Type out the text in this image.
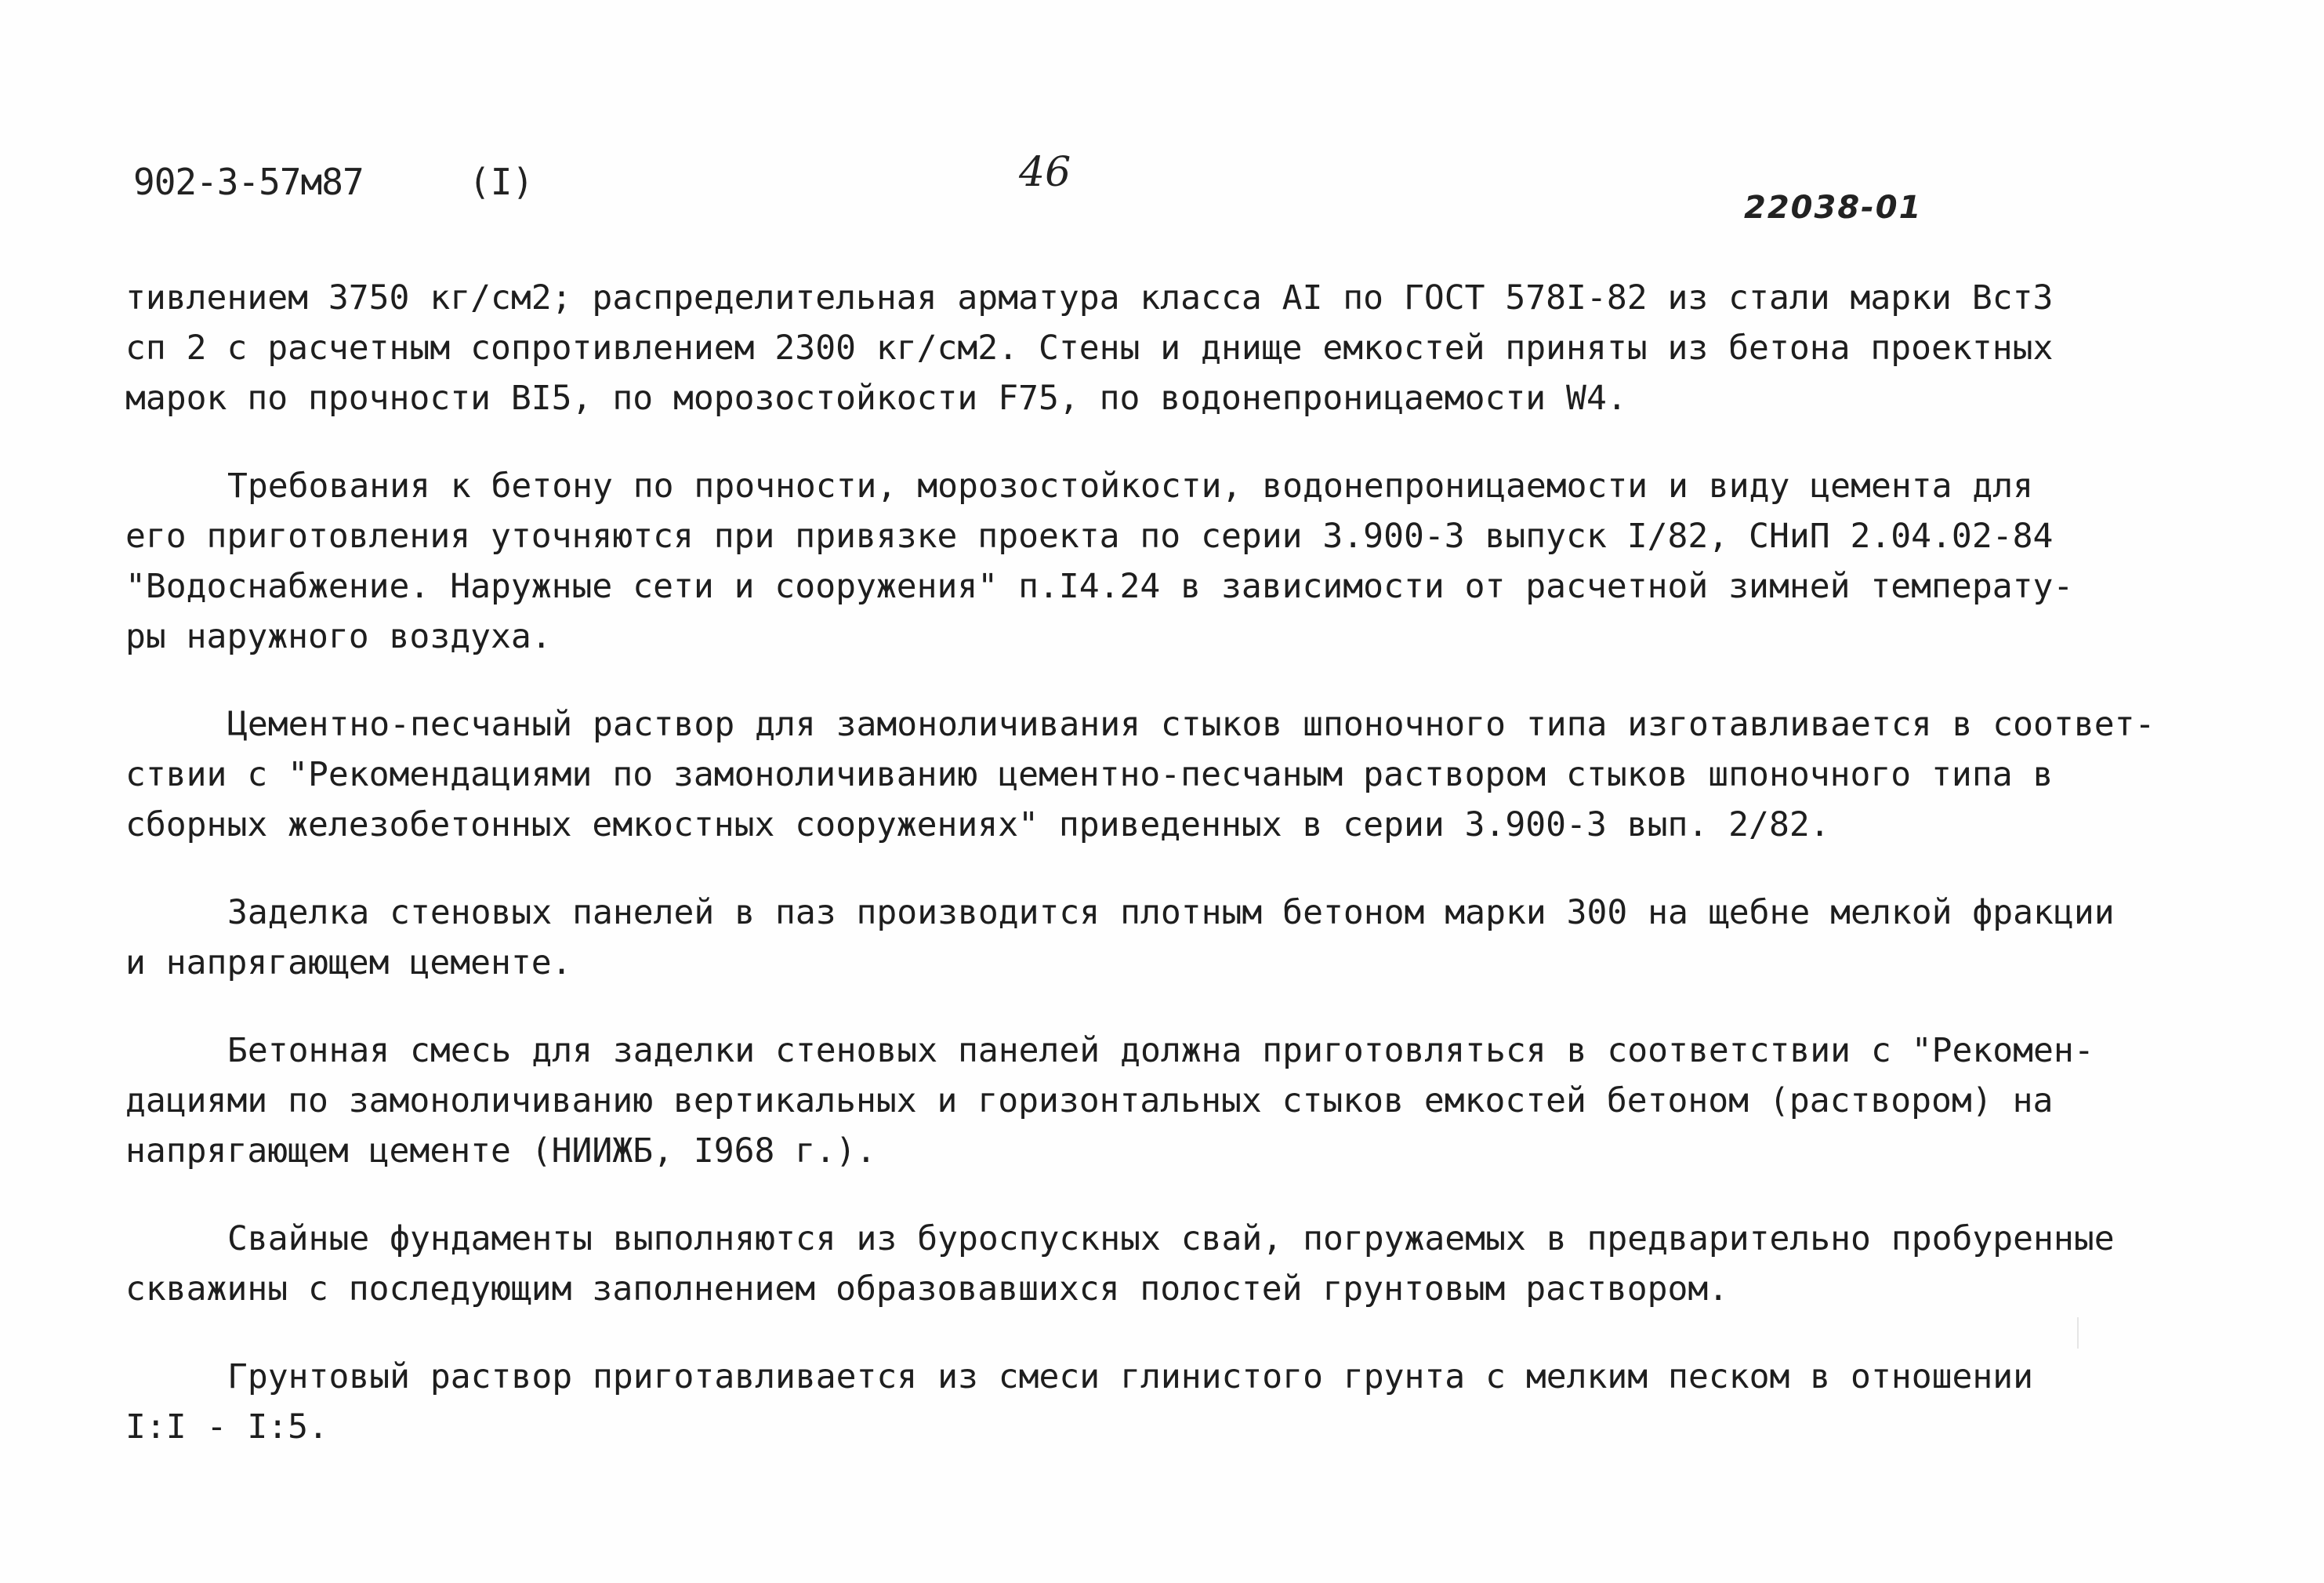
902-3-57м87	(I)	46
22038-01
тивлением 3750 кг/см2; распределительная арматура класса АI по ГОСТ 578I-82 из стали марки ВстЗ
сп 2 с расчетным сопротивлением 2300 кг/см2. Стены и днище емкостей приняты из бетона проектных
марок по прочности ВI5, по морозостойкости F75, по водонепроницаемости W4.
Требования к бетону по прочности, морозостойкости, водонепроницаемости и виду цемента для
его приготовления уточняются при привязке проекта по серии 3.900-3 выпуск I/82, СНиП 2.04.02-84
"Водоснабжение. Наружные сети и сооружения" п.I4.24 в зависимости от расчетной зимней температу-
ры наружного воздуха.
Цементно-песчаный раствор для замоноличивания стыков шпоночного типа изготавливается в соответ-
ствии с "Рекомендациями по замоноличиванию цементно-песчаным раствором стыков шпоночного типа в
сборных железобетонных емкостных сооружениях" приведенных в серии 3.900-3 вып. 2/82.
Заделка стеновых панелей в паз производится плотным бетоном марки 300 на щебне мелкой фракции
и напрягающем цементе.
Бетонная смесь для заделки стеновых панелей должна приготовляться в соответствии с "Рекомен-
дациями по замоноличиванию вертикальных и горизонтальных стыков емкостей бетоном (раствором) на
напрягающем цементе (НИИЖБ, I968 г.).
Свайные фундаменты выполняются из буроспускных свай, погружаемых в предварительно пробуренные
скважины с последующим заполнением образовавшихся полостей грунтовым раствором.
Грунтовый раствор приготавливается из смеси глинистого грунта с мелким песком в отношении
I:I - I:5.
